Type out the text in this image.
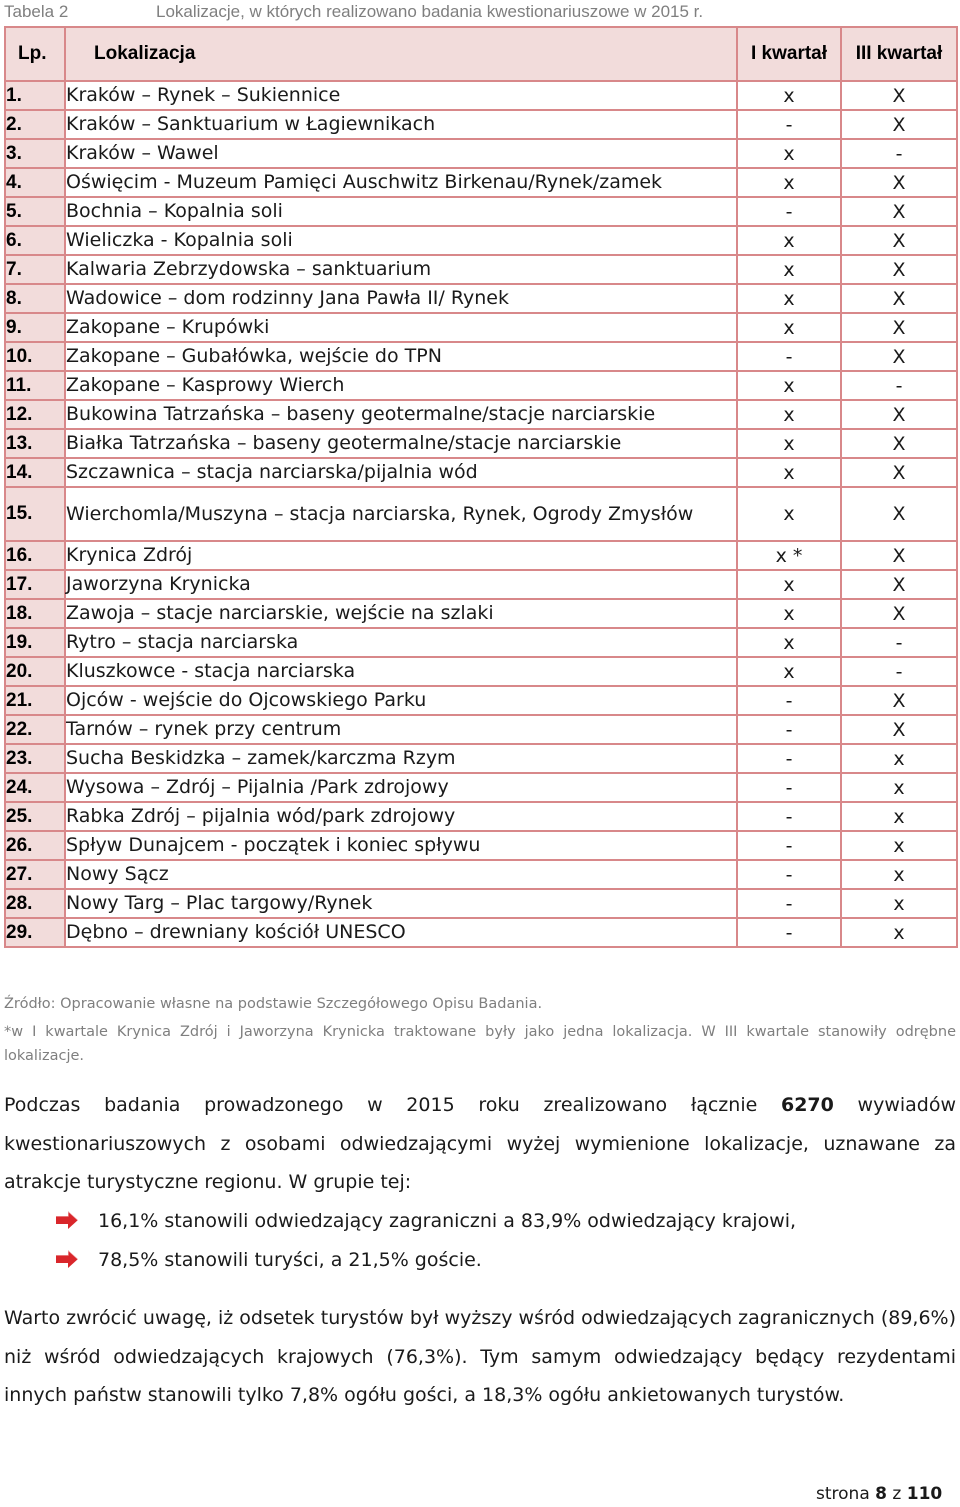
Tabela 2	Lokalizacje, w których realizowano badania kwestionariuszowe w 2015 r.
Lp.	Lokalizacja	I kwartał	III kwartał
1.	Kraków – Rynek – Sukiennice	x	X
2.	Kraków – Sanktuarium w Łagiewnikach	-	X
3.	Kraków – Wawel	x	-
4.	Oświęcim - Muzeum Pamięci Auschwitz Birkenau/Rynek/zamek	x	X
5.	Bochnia – Kopalnia soli	-	X
6.	Wieliczka - Kopalnia soli	x	X
7.	Kalwaria Zebrzydowska – sanktuarium	x	X
8.	Wadowice – dom rodzinny Jana Pawła II/ Rynek	x	X
9.	Zakopane – Krupówki	x	X
10.	Zakopane – Gubałówka, wejście do TPN	-	X
11.	Zakopane – Kasprowy Wierch	x	-
12.	Bukowina Tatrzańska – baseny geotermalne/stacje narciarskie	x	X
13.	Białka Tatrzańska – baseny geotermalne/stacje narciarskie	x	X
14.	Szczawnica – stacja narciarska/pijalnia wód	x	X
15.	Wierchomla/Muszyna – stacja narciarska, Rynek, Ogrody Zmysłów	x	X
16.	Krynica Zdrój	x *	X
17.	Jaworzyna Krynicka	x	X
18.	Zawoja – stacje narciarskie, wejście na szlaki	x	X
19.	Rytro – stacja narciarska	x	-
20.	Kluszkowce - stacja narciarska	x	-
21.	Ojców - wejście do Ojcowskiego Parku	-	X
22.	Tarnów – rynek przy centrum	-	X
23.	Sucha Beskidzka – zamek/karczma Rzym	-	x
24.	Wysowa – Zdrój – Pijalnia /Park zdrojowy	-	x
25.	Rabka Zdrój – pijalnia wód/park zdrojowy	-	x
26.	Spływ Dunajcem - początek i koniec spływu	-	x
27.	Nowy Sącz	-	x
28.	Nowy Targ – Plac targowy/Rynek	-	x
29.	Dębno – drewniany kościół UNESCO	-	x
Źródło: Opracowanie własne na podstawie Szczegółowego Opisu Badania.
*w I kwartale Krynica Zdrój i Jaworzyna Krynicka traktowane były jako jedna lokalizacja. W III kwartale stanowiły odrębne lokalizacje.
Podczas badania prowadzonego w 2015 roku zrealizowano łącznie 6270 wywiadów kwestionariuszowych z osobami odwiedzającymi wyżej wymienione lokalizacje, uznawane za atrakcje turystyczne regionu. W grupie tej:
16,1% stanowili odwiedzający zagraniczni a 83,9% odwiedzający krajowi,
78,5% stanowili turyści, a 21,5% goście.
Warto zwrócić uwagę, iż odsetek turystów był wyższy wśród odwiedzających zagranicznych (89,6%) niż wśród odwiedzających krajowych (76,3%). Tym samym odwiedzający będący rezydentami innych państw stanowili tylko 7,8% ogółu gości, a 18,3% ogółu ankietowanych turystów.
strona 8 z 110
